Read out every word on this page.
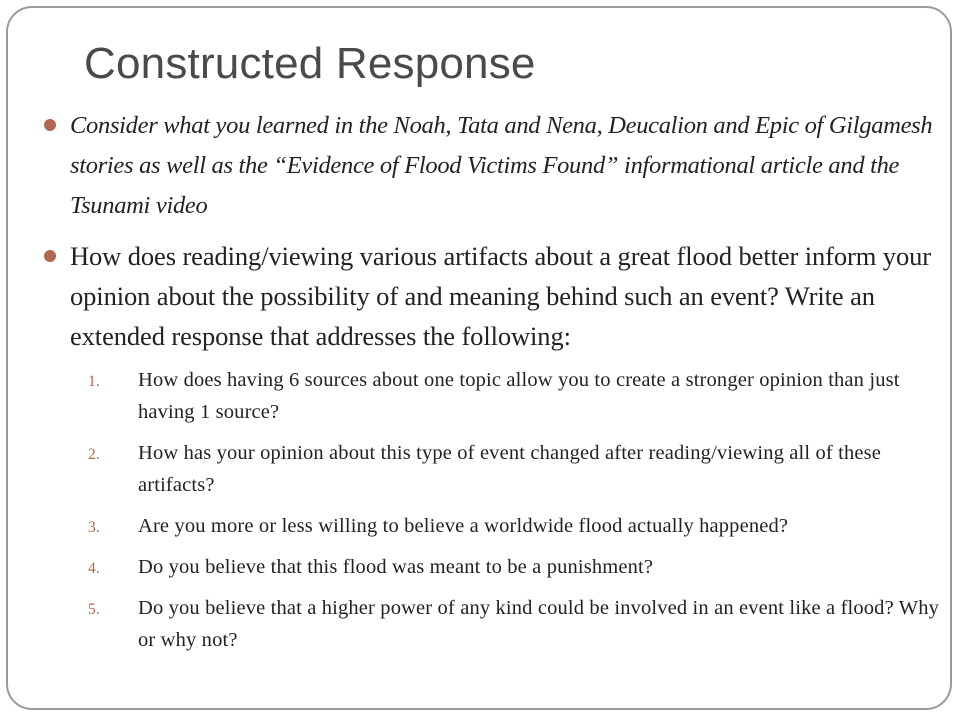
Constructed Response
Consider what you learned in the Noah, Tata and Nena, Deucalion and Epic of Gilgamesh stories as well as the “Evidence of Flood Victims Found” informational article and the Tsunami video
How does reading/viewing various artifacts about a great flood better inform your opinion about the possibility of and meaning behind such an event? Write an extended response that addresses the following:
1. How does having 6 sources about one topic allow you to create a stronger opinion than just having 1 source?
2. How has your opinion about this type of event changed after reading/viewing all of these artifacts?
3. Are you more or less willing to believe a worldwide flood actually happened?
4. Do you believe that this flood was meant to be a punishment?
5. Do you believe that a higher power of any kind could be involved in an event like a flood? Why or why not?
